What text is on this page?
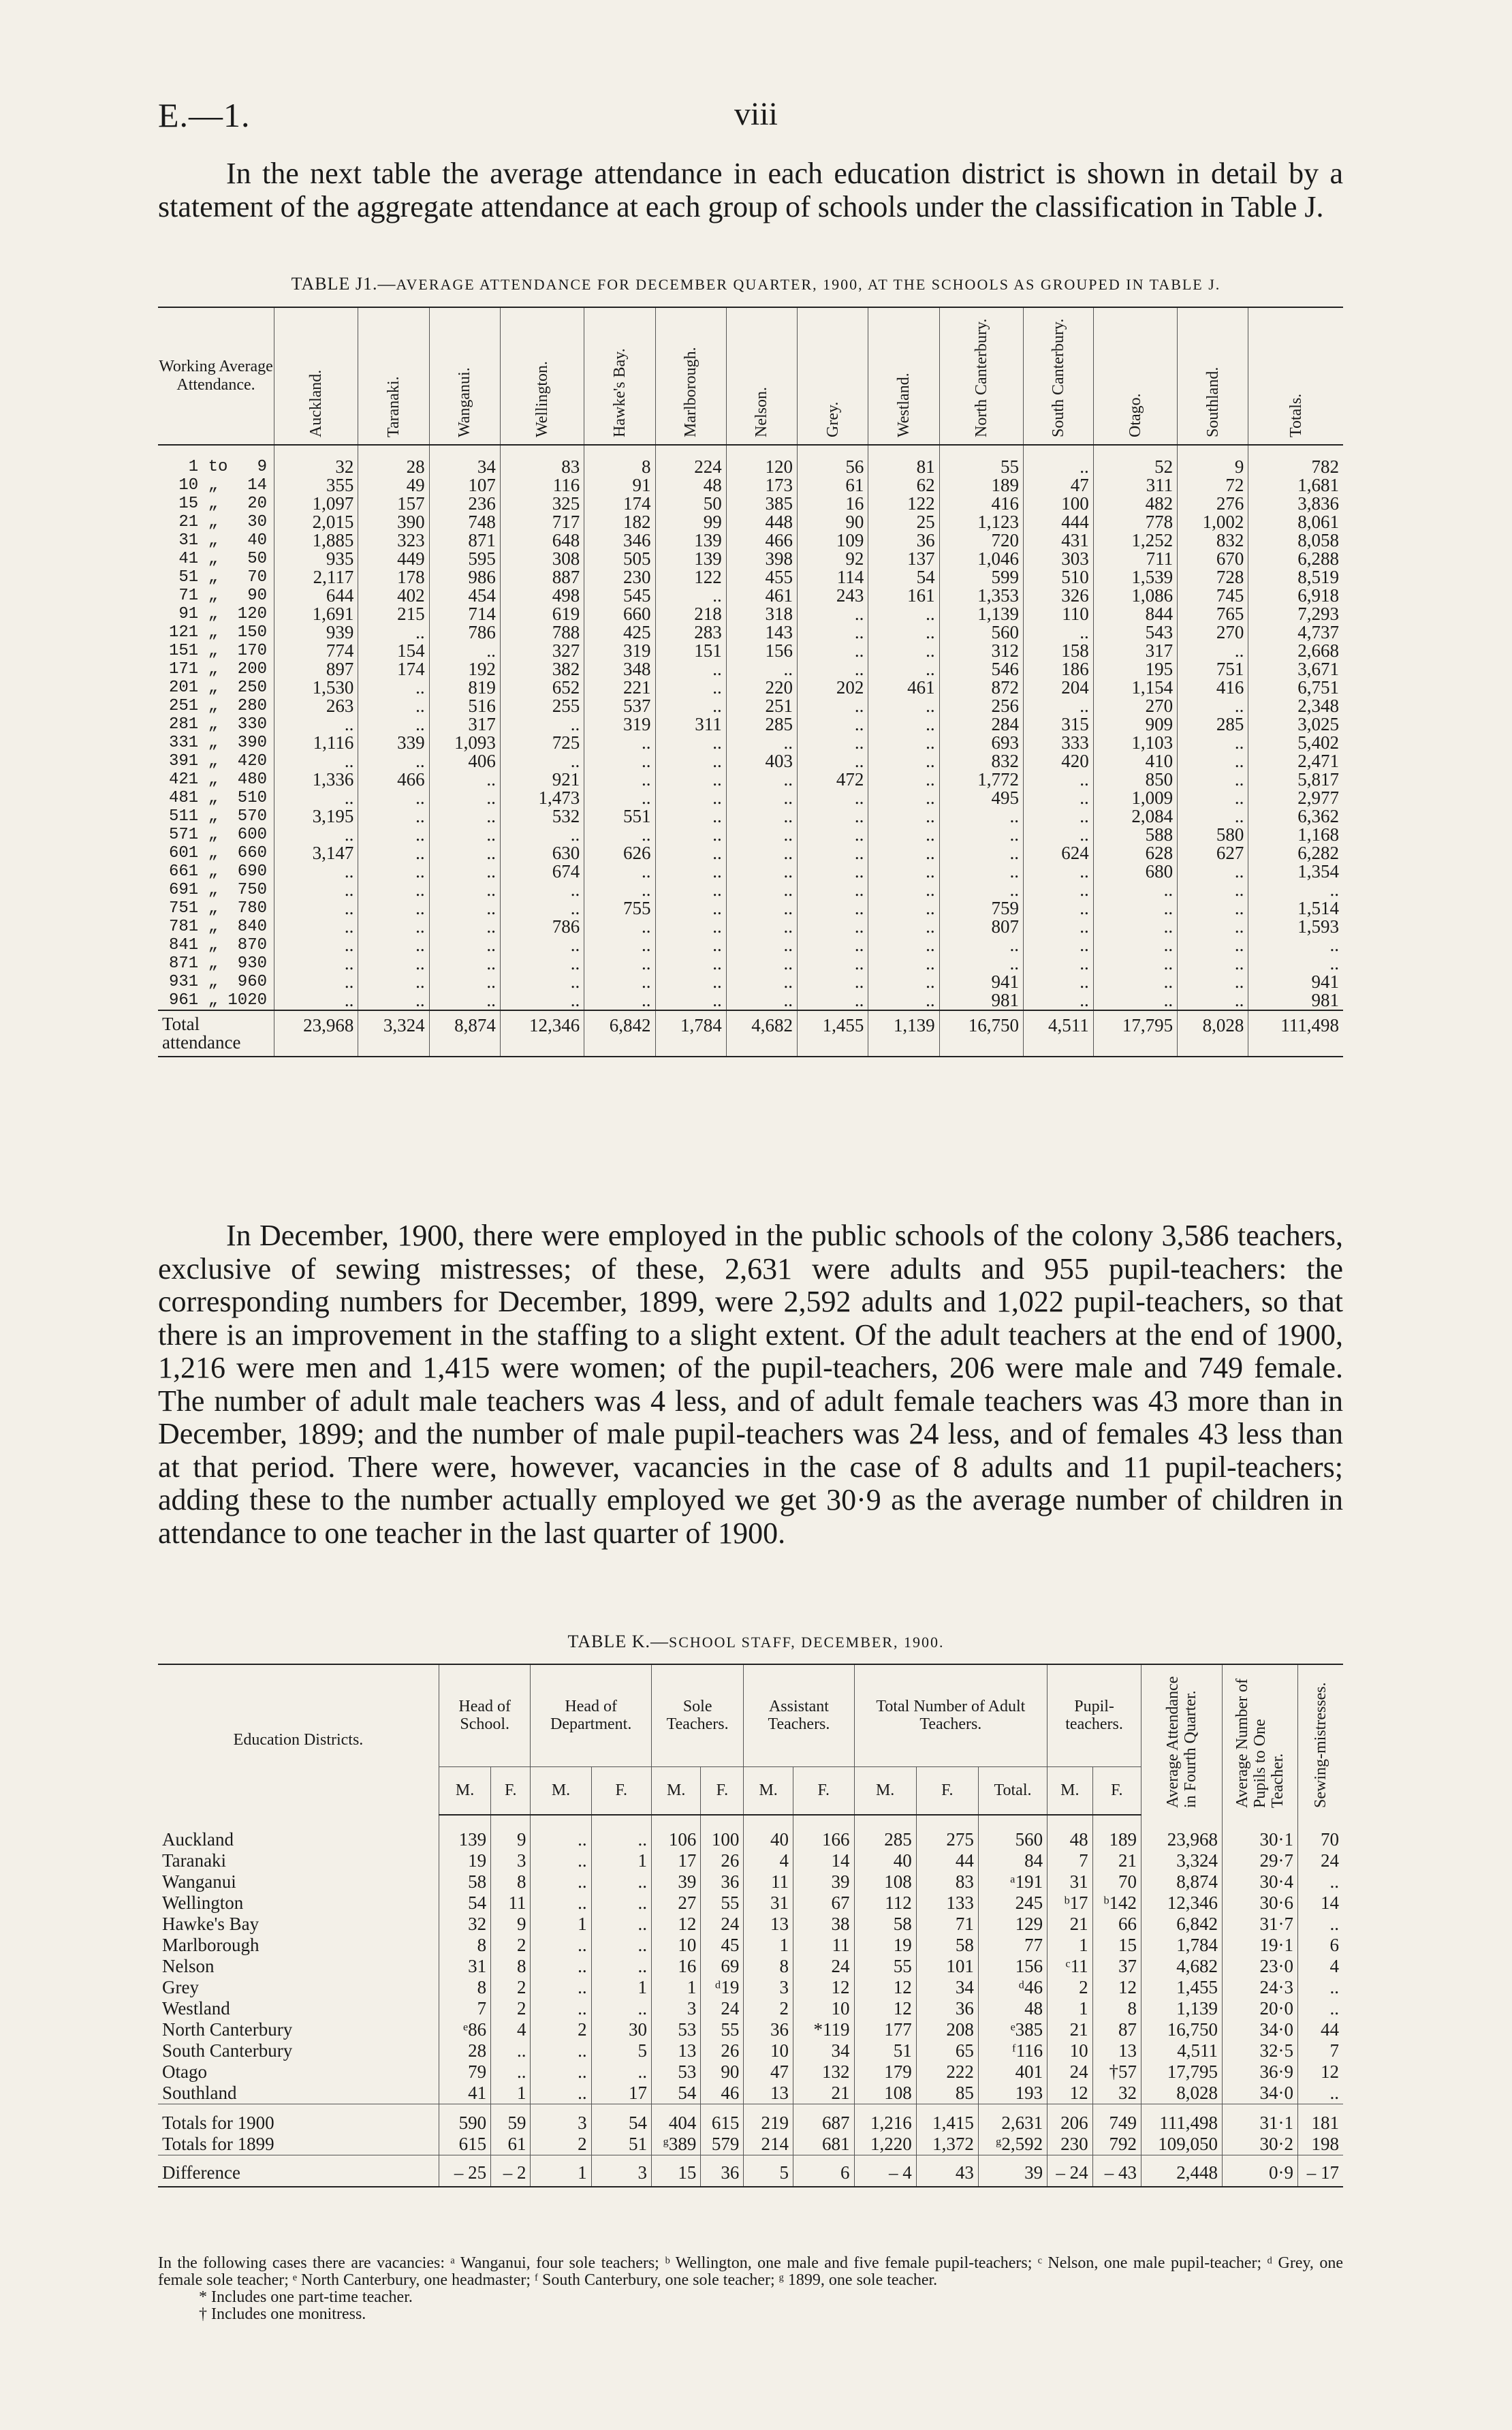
E.—1.	viii
In the next table the average attendance in each education district is shown in detail by a statement of the aggregate attendance at each group of schools under the classification in Table J.
TABLE J1.—AVERAGE ATTENDANCE FOR DECEMBER QUARTER, 1900, AT THE SCHOOLS AS GROUPED IN TABLE J.
Working Average Attendance.	Auckland.	Taranaki.	Wanganui.	Wellington.	Hawke's Bay.	Marlborough.	Nelson.	Grey.	Westland.	North Canterbury.	South Canterbury.	Otago.	Southland.	Totals.

1 to   9	32	28	34	83	8	224	120	56	81	55	..	52	9	782
10 „   14	355	49	107	116	91	48	173	61	62	189	47	311	72	1,681
15 „   20	1,097	157	236	325	174	50	385	16	122	416	100	482	276	3,836
21 „   30	2,015	390	748	717	182	99	448	90	25	1,123	444	778	1,002	8,061
31 „   40	1,885	323	871	648	346	139	466	109	36	720	431	1,252	832	8,058
41 „   50	935	449	595	308	505	139	398	92	137	1,046	303	711	670	6,288
51 „   70	2,117	178	986	887	230	122	455	114	54	599	510	1,539	728	8,519
71 „   90	644	402	454	498	545	..	461	243	161	1,353	326	1,086	745	6,918
91 „  120	1,691	215	714	619	660	218	318	..	..	1,139	110	844	765	7,293
121 „  150	939	..	786	788	425	283	143	..	..	560	..	543	270	4,737
151 „  170	774	154	..	327	319	151	156	..	..	312	158	317	..	2,668
171 „  200	897	174	192	382	348	..	..	..	..	546	186	195	751	3,671
201 „  250	1,530	..	819	652	221	..	220	202	461	872	204	1,154	416	6,751
251 „  280	263	..	516	255	537	..	251	..	..	256	..	270	..	2,348
281 „  330	..	..	317	..	319	311	285	..	..	284	315	909	285	3,025
331 „  390	1,116	339	1,093	725	..	..	..	..	..	693	333	1,103	..	5,402
391 „  420	..	..	406	..	..	..	403	..	..	832	420	410	..	2,471
421 „  480	1,336	466	..	921	..	..	..	472	..	1,772	..	850	..	5,817
481 „  510	..	..	..	1,473	..	..	..	..	..	495	..	1,009	..	2,977
511 „  570	3,195	..	..	532	551	..	..	..	..	..	..	2,084	..	6,362
571 „  600	..	..	..	..	..	..	..	..	..	..	..	588	580	1,168
601 „  660	3,147	..	..	630	626	..	..	..	..	..	624	628	627	6,282
661 „  690	..	..	..	674	..	..	..	..	..	..	..	680	..	1,354
691 „  750	..	..	..	..	..	..	..	..	..	..	..	..	..	..
751 „  780	..	..	..	..	755	..	..	..	..	759	..	..	..	1,514
781 „  840	..	..	..	786	..	..	..	..	..	807	..	..	..	1,593
841 „  870	..	..	..	..	..	..	..	..	..	..	..	..	..	..
871 „  930	..	..	..	..	..	..	..	..	..	..	..	..	..	..
931 „  960	..	..	..	..	..	..	..	..	..	941	..	..	..	941
961 „ 1020	..	..	..	..	..	..	..	..	..	981	..	..	..	981
Total attendance	23,968	3,324	8,874	12,346	6,842	1,784	4,682	1,455	1,139	16,750	4,511	17,795	8,028	111,498
In December, 1900, there were employed in the public schools of the colony 3,586 teachers, exclusive of sewing mistresses; of these, 2,631 were adults and 955 pupil-teachers: the corresponding numbers for December, 1899, were 2,592 adults and 1,022 pupil-teachers, so that there is an improvement in the staffing to a slight extent. Of the adult teachers at the end of 1900, 1,216 were men and 1,415 were women; of the pupil-teachers, 206 were male and 749 female. The number of adult male teachers was 4 less, and of adult female teachers was 43 more than in December, 1899; and the number of male pupil-teachers was 24 less, and of females 43 less than at that period. There were, however, vacancies in the case of 8 adults and 11 pupil-teachers; adding these to the number actually employed we get 30·9 as the average number of children in attendance to one teacher in the last quarter of 1900.
TABLE K.—SCHOOL STAFF, DECEMBER, 1900.
Education Districts.	Head of School.		Head of Department.		Sole Teachers.		Assistant Teachers.		Total Number of Adult Teachers.			Pupil-teachers.		Average Attendance in Fourth Quarter.	Average Number of Pupils to One Teacher.	Sewing-mistresses.

	M.	F.	M.	F.	M.	F.	M.	F.	M.	F.	Total.	M.	F.			
Auckland	139	9	..	..	106	100	40	166	285	275	560	48	189	23,968	30·1	70
Taranaki	19	3	..	1	17	26	4	14	40	44	84	7	21	3,324	29·7	24
Wanganui	58	8	..	..	39	36	11	39	108	83	ᵃ191	31	70	8,874	30·4	..
Wellington	54	11	..	..	27	55	31	67	112	133	245	ᵇ17	ᵇ142	12,346	30·6	14
Hawke's Bay	32	9	1	..	12	24	13	38	58	71	129	21	66	6,842	31·7	..
Marlborough	8	2	..	..	10	45	1	11	19	58	77	1	15	1,784	19·1	6
Nelson	31	8	..	..	16	69	8	24	55	101	156	ᶜ11	37	4,682	23·0	4
Grey	8	2	..	1	1	ᵈ19	3	12	12	34	ᵈ46	2	12	1,455	24·3	..
Westland	7	2	..	..	3	24	2	10	12	36	48	1	8	1,139	20·0	..
North Canterbury	ᵉ86	4	2	30	53	55	36	*119	177	208	ᵉ385	21	87	16,750	34·0	44
South Canterbury	28	..	..	5	13	26	10	34	51	65	ᶠ116	10	13	4,511	32·5	7
Otago	79	..	..	..	53	90	47	132	179	222	401	24	†57	17,795	36·9	12
Southland	41	1	..	17	54	46	13	21	108	85	193	12	32	8,028	34·0	..
Totals for 1900	590	59	3	54	404	615	219	687	1,216	1,415	2,631	206	749	111,498	31·1	181
Totals for 1899	615	61	2	51	ᵍ389	579	214	681	1,220	1,372	ᵍ2,592	230	792	109,050	30·2	198
Difference	– 25	– 2	1	3	15	36	5	6	– 4	43	39	– 24	– 43	2,448	0·9	– 17
In the following cases there are vacancies: ᵃ Wanganui, four sole teachers; ᵇ Wellington, one male and five female pupil-teachers; ᶜ Nelson, one male pupil-teacher; ᵈ Grey, one female sole teacher; ᵉ North Canterbury, one headmaster; ᶠ South Canterbury, one sole teacher; ᵍ 1899, one sole teacher.
* Includes one part-time teacher.
† Includes one monitress.
